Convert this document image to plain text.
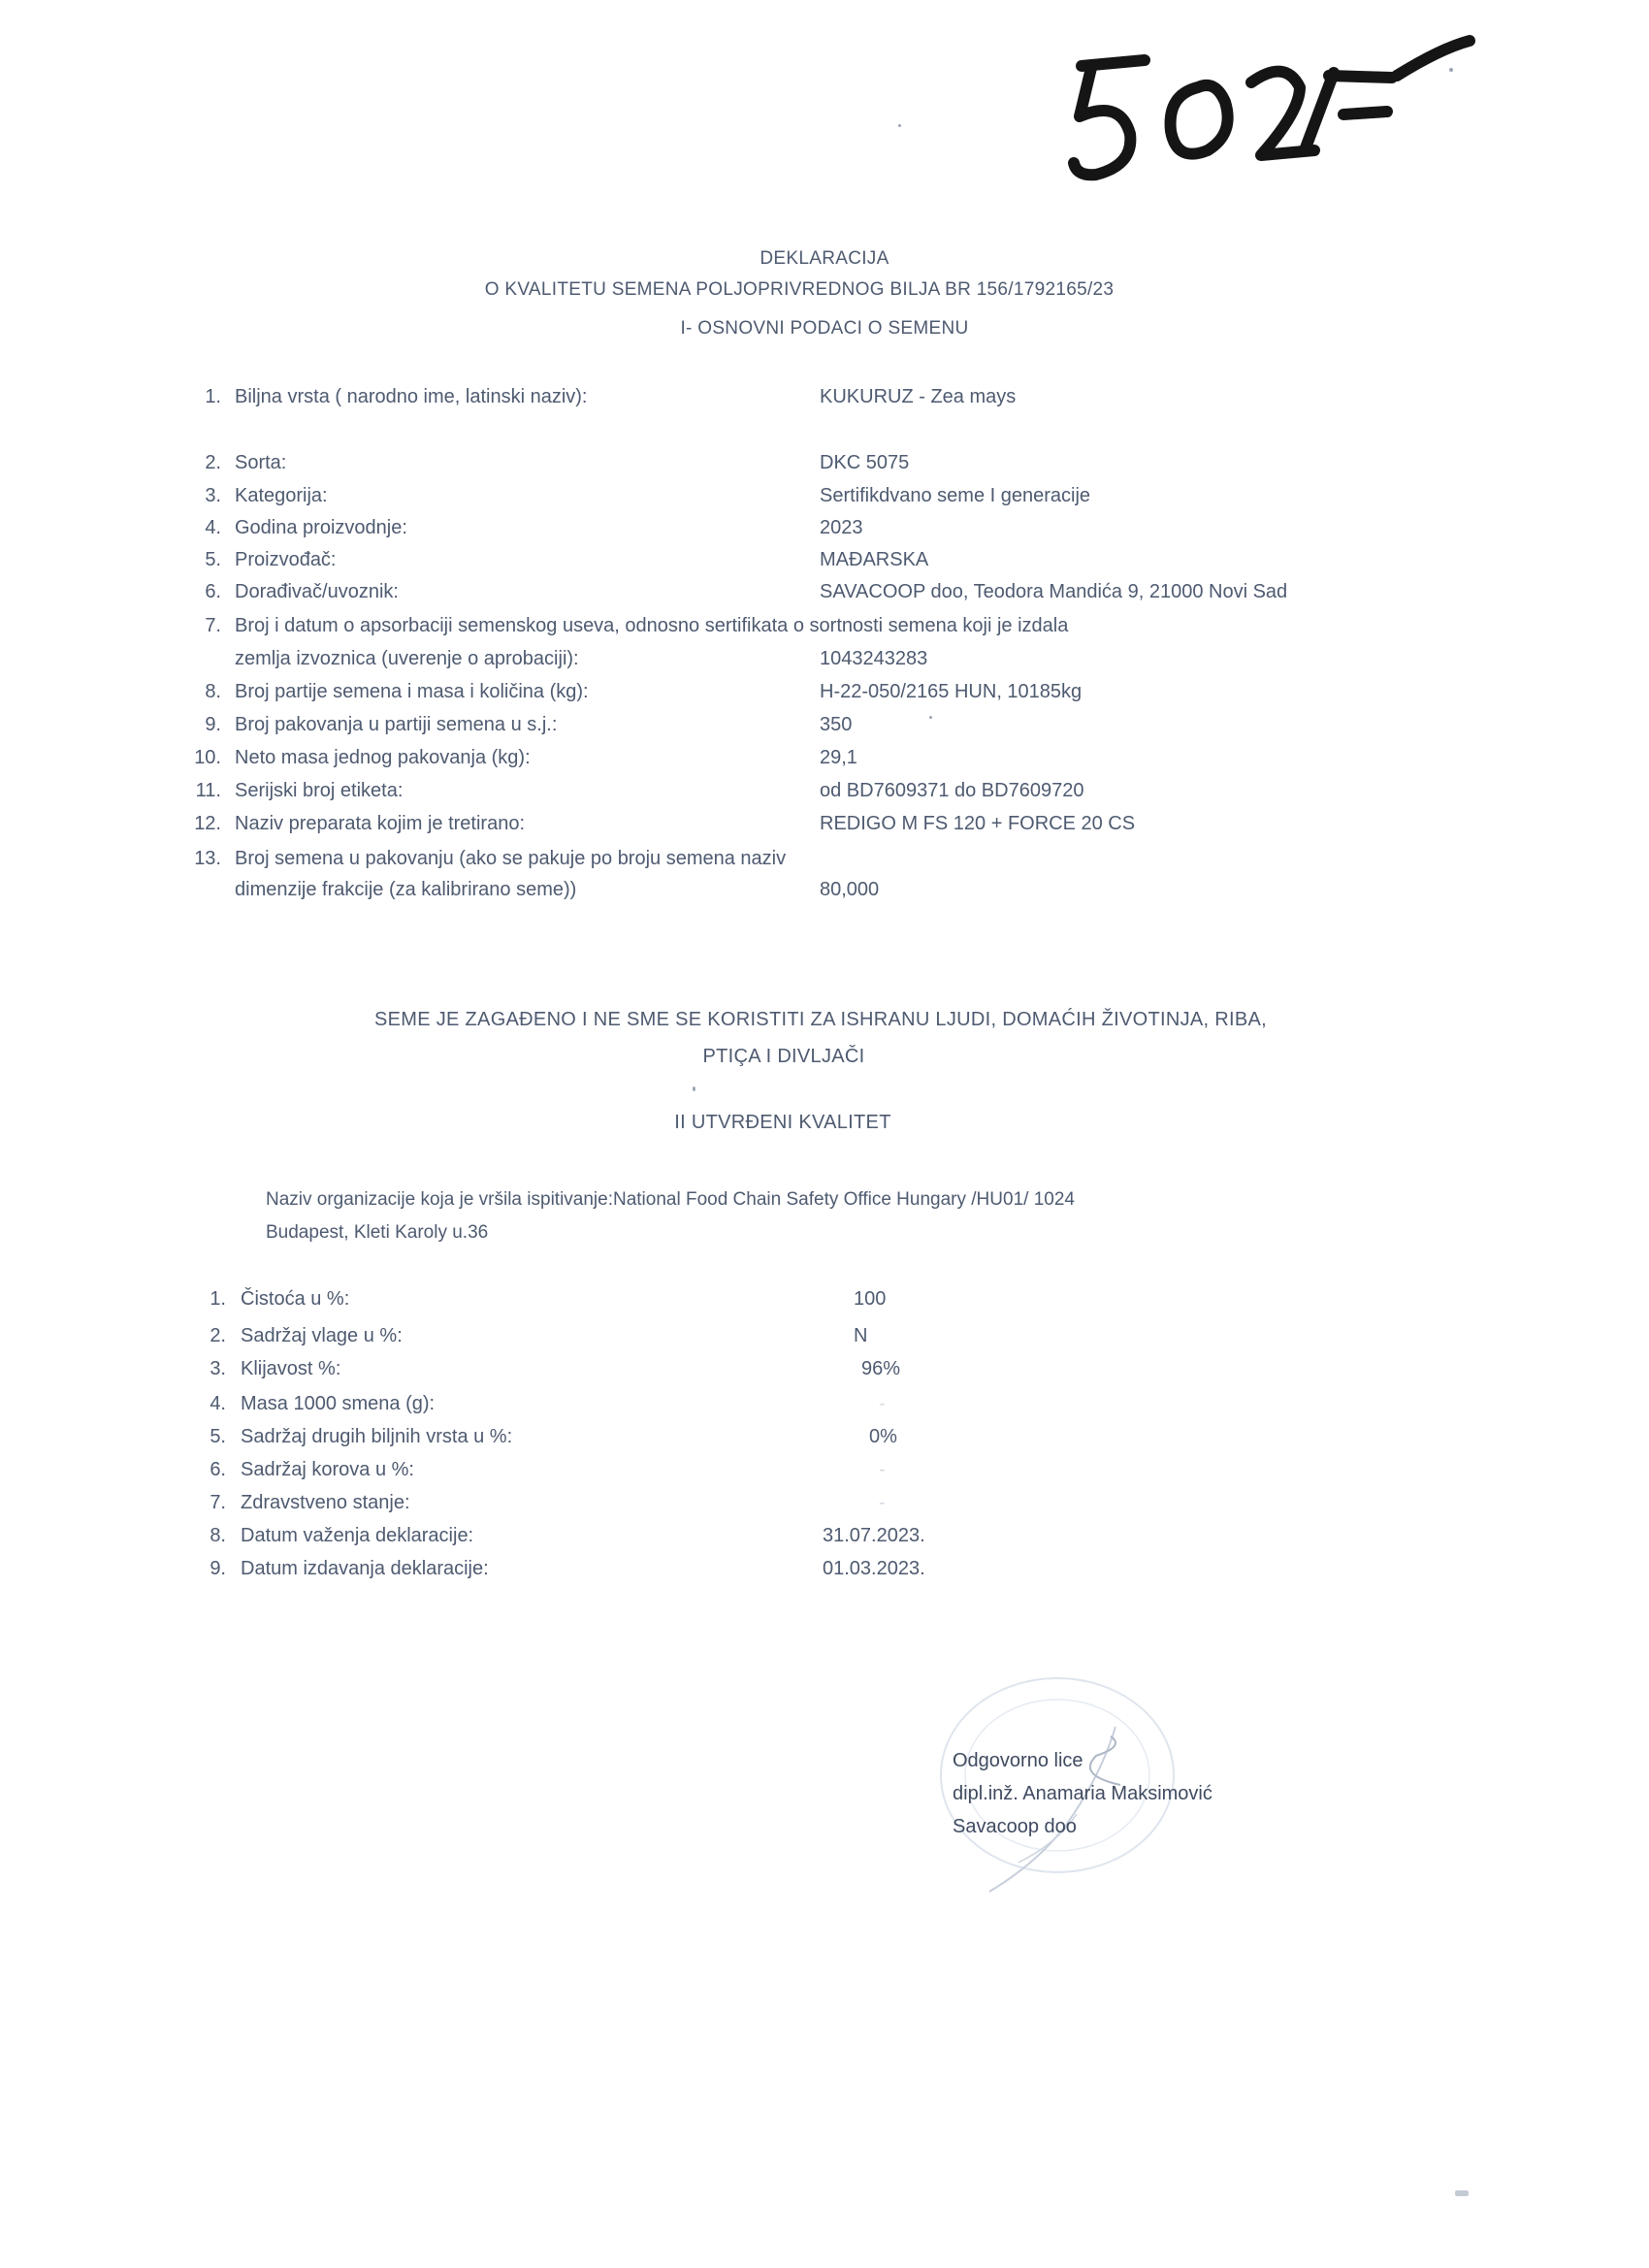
DEKLARACIJA
O KVALITETU SEMENA POLJOPRIVREDNOG BILJA BR 156/1792165/23
I- OSNOVNI PODACI O SEMENU
1. Biljna vrsta ( narodno ime, latinski naziv):	KUKURUZ - Zea mays
2. Sorta:	DKC 5075
3. Kategorija:	Sertifikdvano seme I generacije
4. Godina proizvodnje:	2023
5. Proizvođač:	MAĐARSKA
6. Dorađivač/uvoznik:	SAVACOOP doo, Teodora Mandića 9, 21000 Novi Sad
7. Broj i datum o apsorbaciji semenskog useva, odnosno sertifikata o sortnosti semena koji je izdala
zemlja izvoznica (uverenje o aprobaciji):	1043243283
8. Broj partije semena i masa i količina (kg):	H-22-050/2165 HUN, 10185kg
9. Broj pakovanja u partiji semena u s.j.:	350
10. Neto masa jednog pakovanja (kg):	29,1
11. Serijski broj etiketa:	od BD7609371 do BD7609720
12. Naziv preparata kojim je tretirano:	REDIGO M FS 120 + FORCE 20 CS
13. Broj semena u pakovanju (ako se pakuje po broju semena naziv
dimenzije frakcije (za kalibrirano seme))	80,000
SEME JE ZAGAĐENO I NE SME SE KORISTITI ZA ISHRANU LJUDI, DOMAĆIH ŽIVOTINJA, RIBA,
PTIÇA I DIVLJAČI
II UTVRĐENI KVALITET
Naziv organizacije koja je vršila ispitivanje:National Food Chain Safety Office Hungary /HU01/ 1024
Budapest, Kleti Karoly u.36
1. Čistoća u %:	100
2. Sadržaj vlage u %:	N
3. Klijavost %:	96%
4. Masa 1000 smena (g):	-
5. Sadržaj drugih biljnih vrsta u %:	0%
6. Sadržaj korova u %:	-
7. Zdravstveno stanje:	-
8. Datum važenja deklaracije:	31.07.2023.
9. Datum izdavanja deklaracije:	01.03.2023.
Odgovorno lice
dipl.inž. Anamaria Maksimović
Savacoop doo
